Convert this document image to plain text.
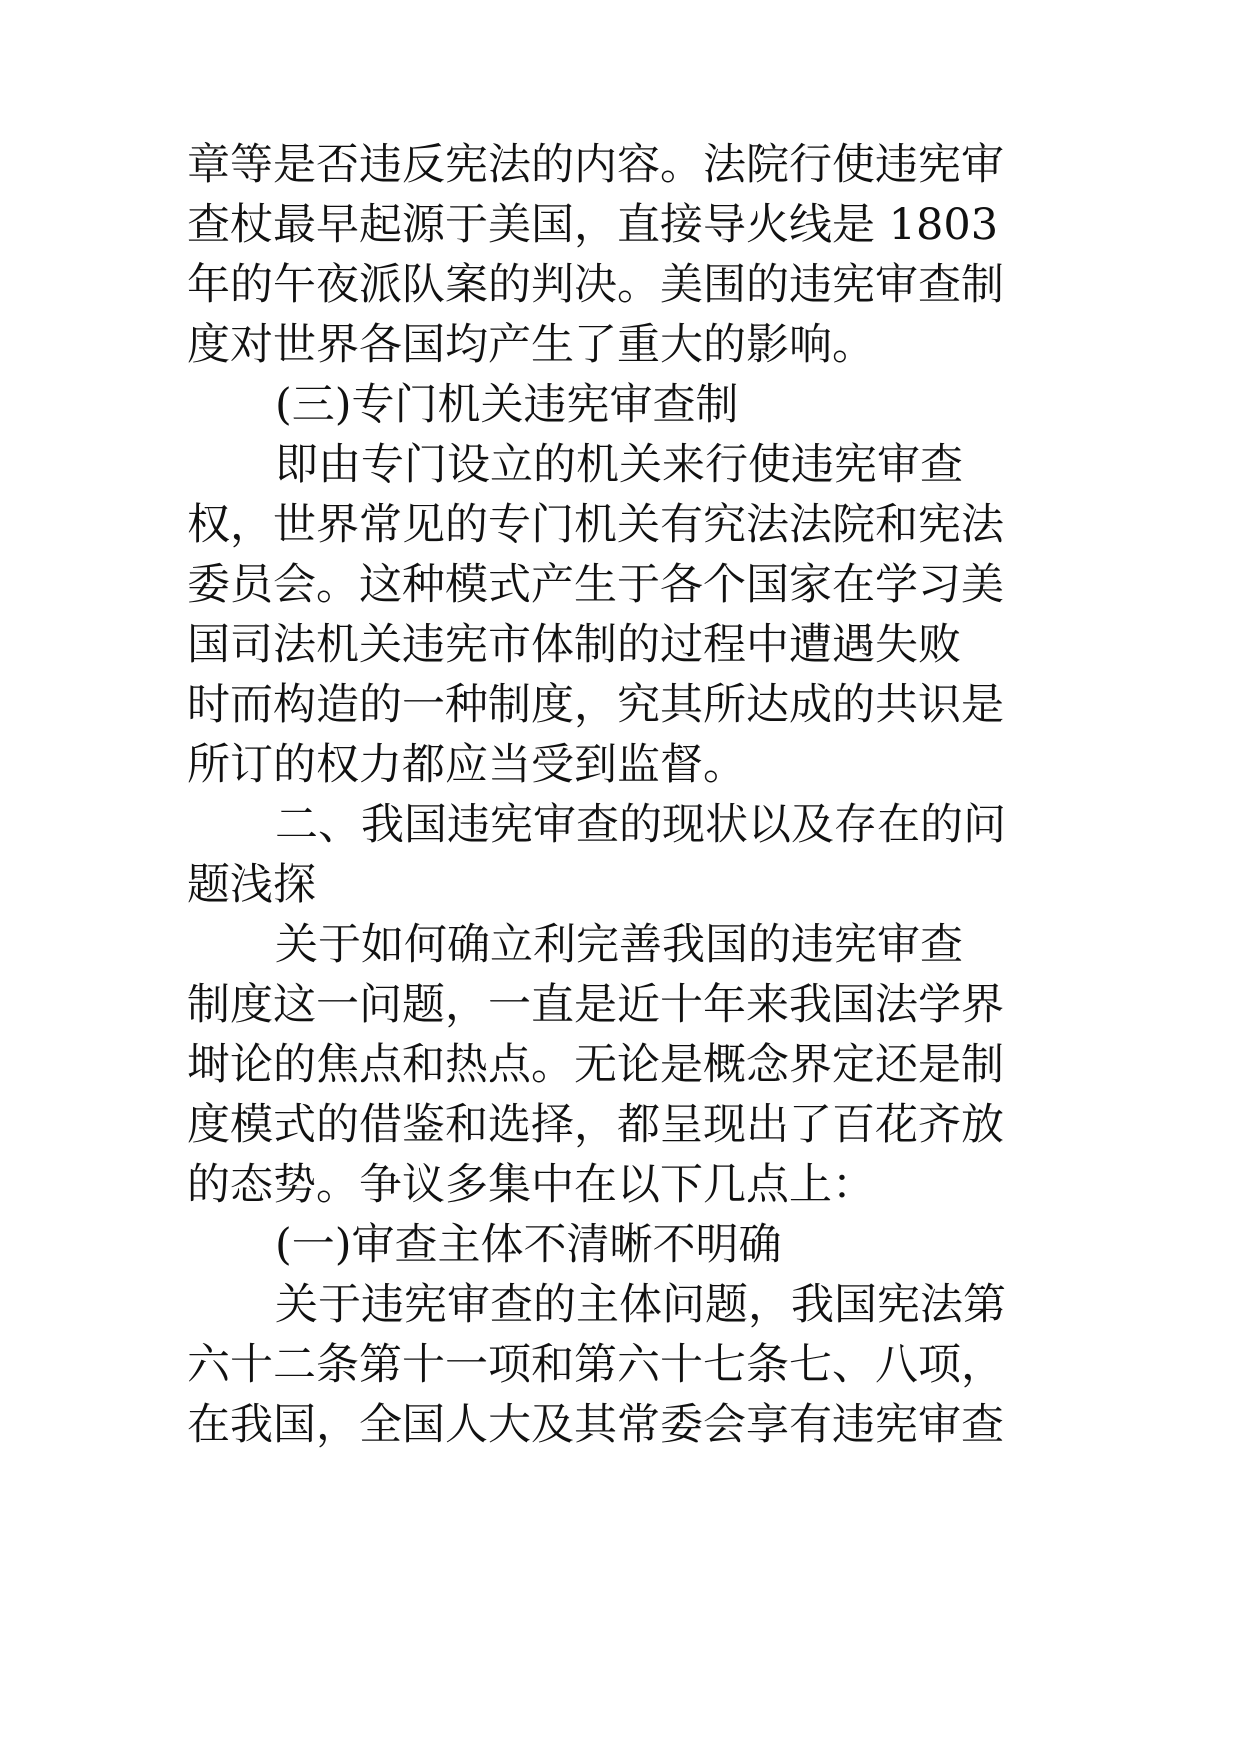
章等是否违反宪法的内容。法院行使违宪审
查杖最早起源于美国，直接导火线是 1803
年的午夜派队案的判决。美围的违宪审查制
度对世界各国均产生了重大的影响。
(三)专门机关违宪审查制
即由专门设立的机关来行使违宪审查
权，世界常见的专门机关有究法法院和宪法
委员会。这种模式产生于各个国家在学习美
国司法机关违宪市体制的过程中遭遇失败
时而构造的一种制度，究其所达成的共识是
所订的权力都应当受到监督。
二、我国违宪审查的现状以及存在的问
题浅探
关于如何确立利完善我国的违宪审查
制度这一问题，一直是近十年来我国法学界
埘论的焦点和热点。无论是概念界定还是制
度模式的借鉴和选择，都呈现出了百花齐放
的态势。争议多集中在以下几点上：
(一)审查主体不清晰不明确
关于违宪审查的主体问题，我国宪法第
六十二条第十一项和第六十七条七、八项，
在我国，全国人大及其常委会享有违宪审查
